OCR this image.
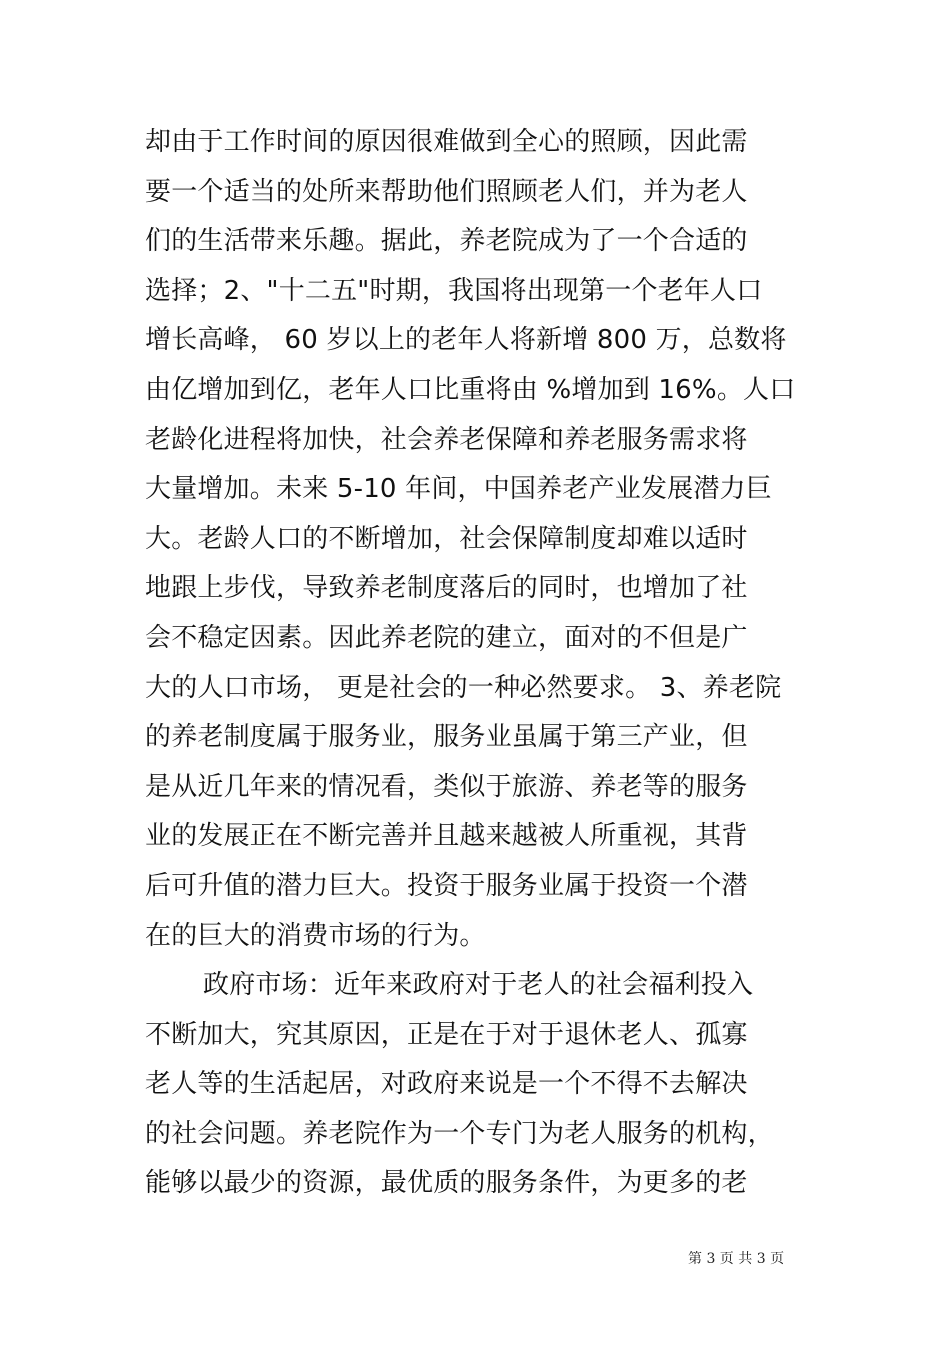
却由于工作时间的原因很难做到全心的照顾，因此需
要一个适当的处所来帮助他们照顾老人们，并为老人
们的生活带来乐趣。据此，养老院成为了一个合适的
选择；2、"十二五"时期，我国将出现第一个老年人口
增长高峰， 60 岁以上的老年人将新增 800 万，总数将
由亿增加到亿，老年人口比重将由 %增加到 16%。人口
老龄化进程将加快，社会养老保障和养老服务需求将
大量增加。未来 5-10 年间，中国养老产业发展潜力巨
大。老龄人口的不断增加，社会保障制度却难以适时
地跟上步伐，导致养老制度落后的同时，也增加了社
会不稳定因素。因此养老院的建立，面对的不但是广
大的人口市场， 更是社会的一种必然要求。 3、养老院
的养老制度属于服务业，服务业虽属于第三产业，但
是从近几年来的情况看，类似于旅游、养老等的服务
业的发展正在不断完善并且越来越被人所重视，其背
后可升值的潜力巨大。投资于服务业属于投资一个潜
在的巨大的消费市场的行为。
政府市场：近年来政府对于老人的社会福利投入
不断加大，究其原因，正是在于对于退休老人、孤寡
老人等的生活起居，对政府来说是一个不得不去解决
的社会问题。养老院作为一个专门为老人服务的机构，
能够以最少的资源，最优质的服务条件，为更多的老
第 3 页 共 3 页
